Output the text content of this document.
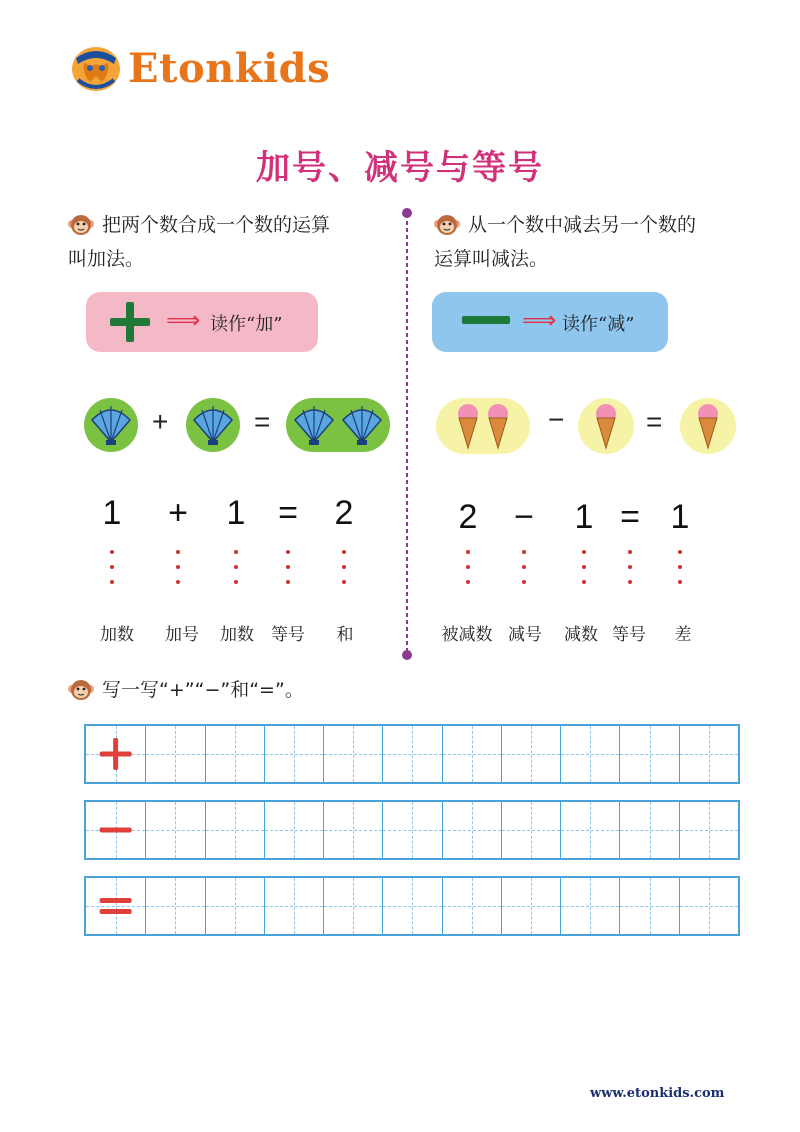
Etonkids
加号、减号与等号
把两个数合成一个数的运算
叫加法。
⟹ 读作“加”
+	=
1	+	1 =	2
加数	加号	加数	等号	和
从一个数中减去另一个数的
运算叫减法。
⟹ 读作“减”
−	=
2	−	1 = 1
被减数 减号	减数 等号	差
写一写“+”“−”和“=”。
www.etonkids.com
